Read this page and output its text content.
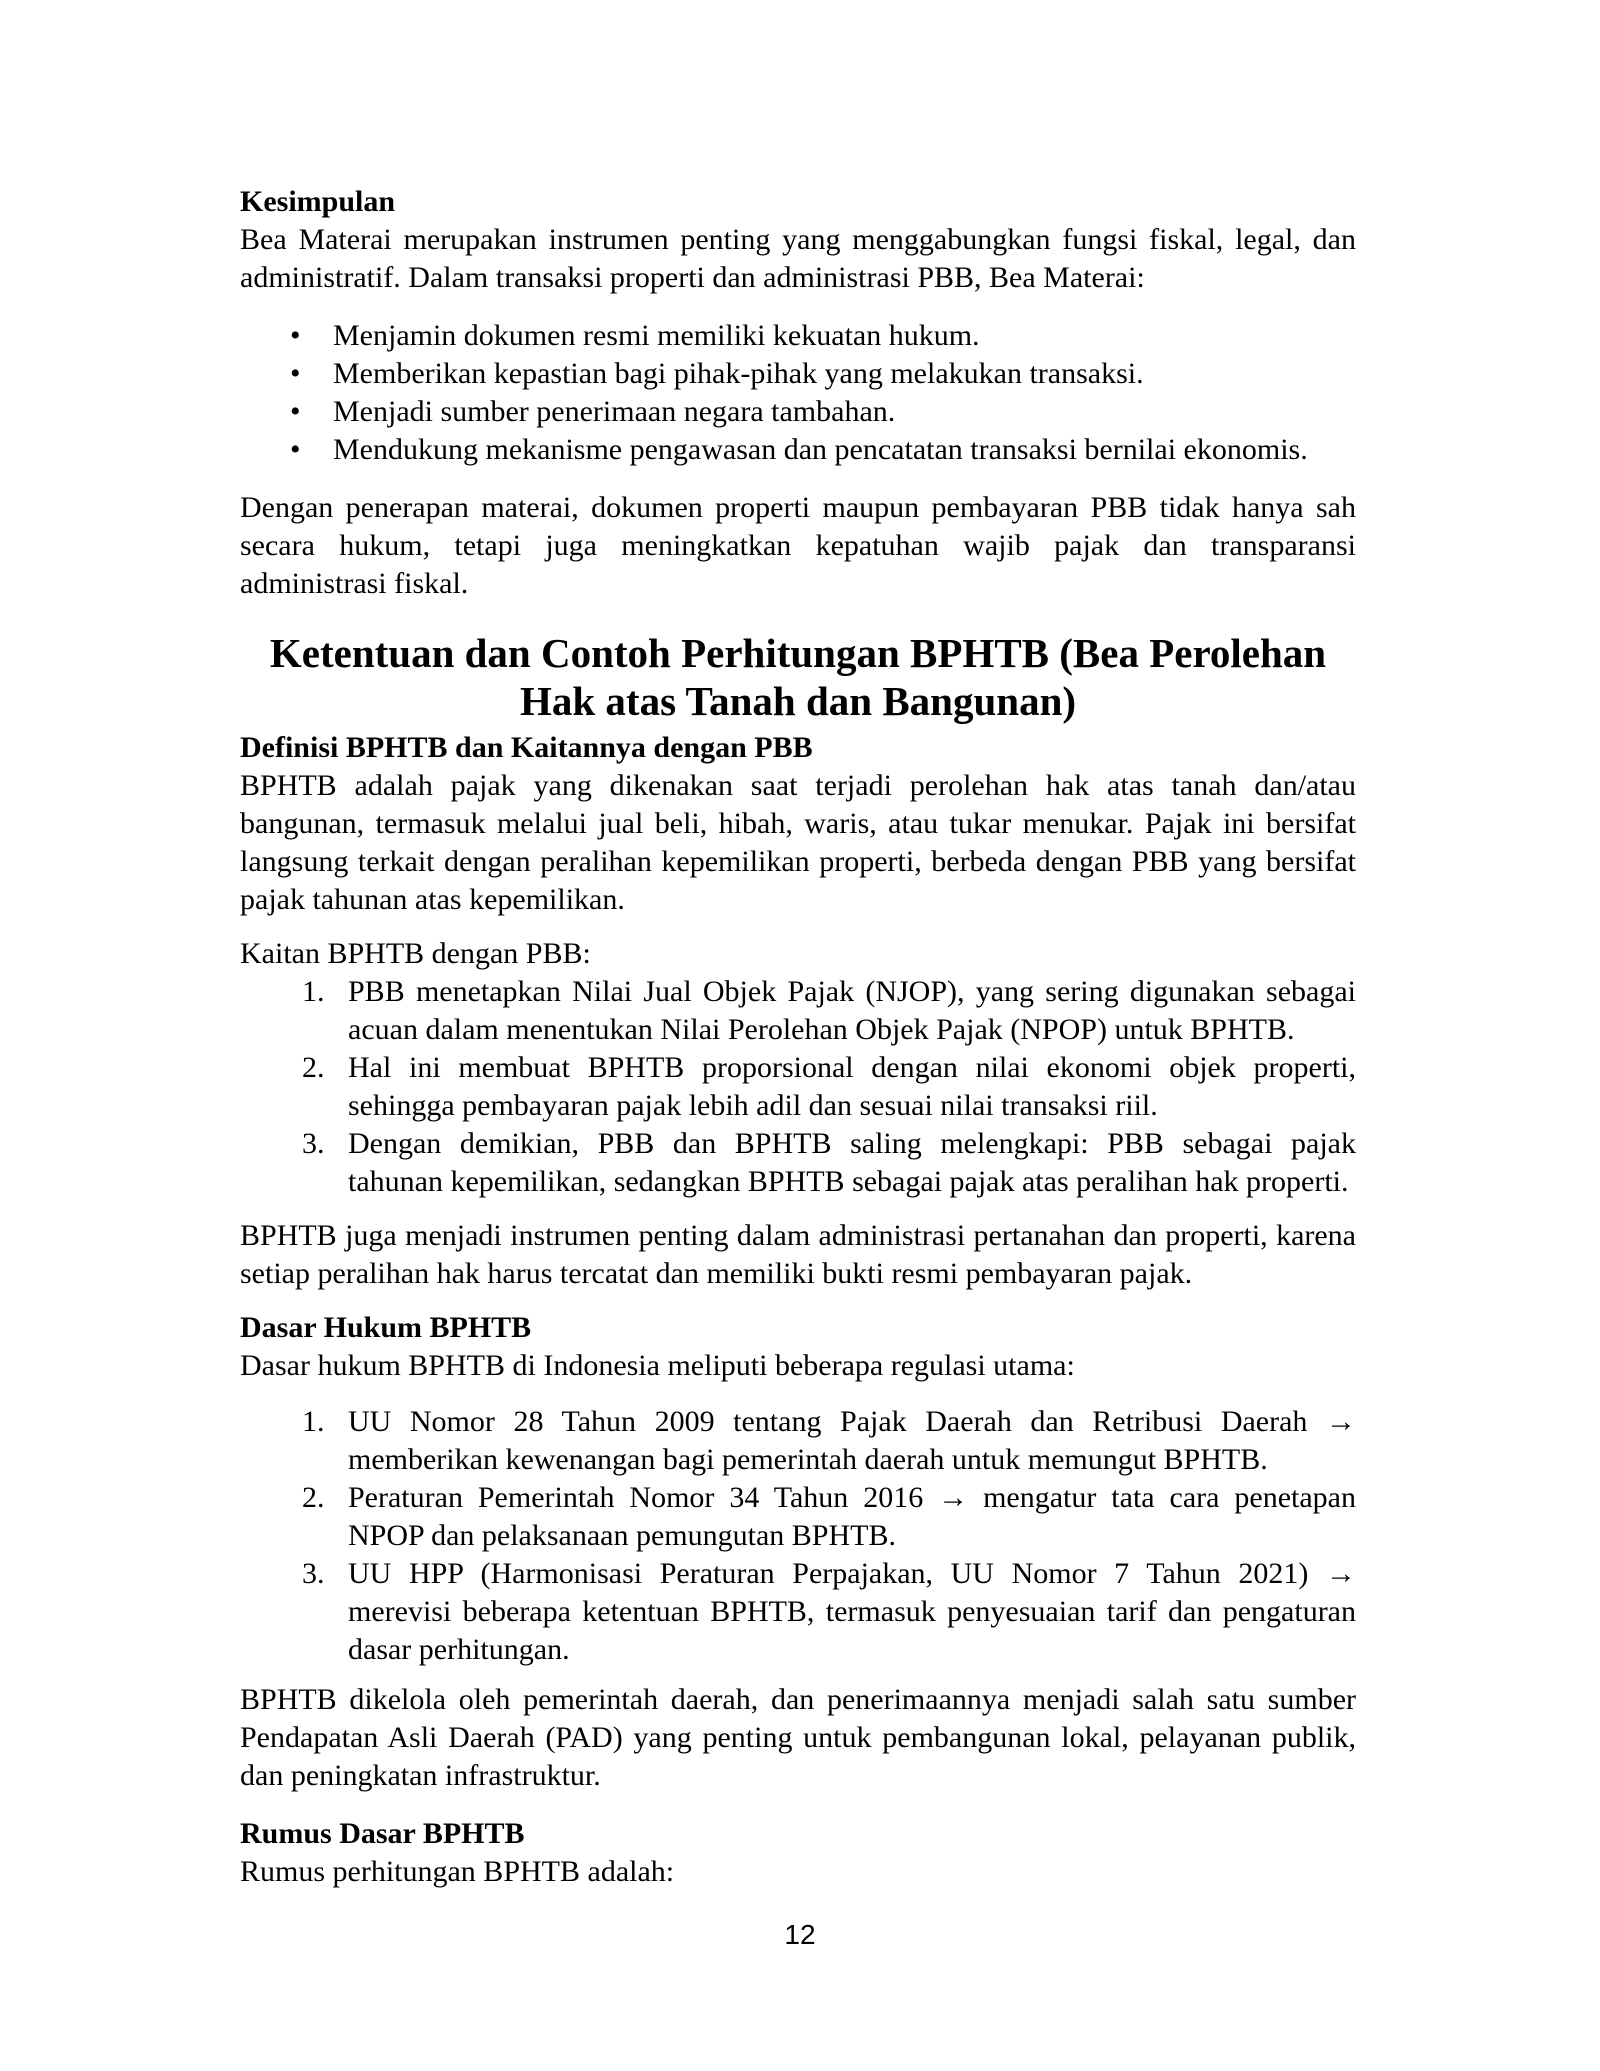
Kesimpulan

Bea Materai merupakan instrumen penting yang menggabungkan fungsi fiskal, legal, dan administratif. Dalam transaksi properti dan administrasi PBB, Bea Materai:

•	Menjamin dokumen resmi memiliki kekuatan hukum.
•	Memberikan kepastian bagi pihak-pihak yang melakukan transaksi.
•	Menjadi sumber penerimaan negara tambahan.
•	Mendukung mekanisme pengawasan dan pencatatan transaksi bernilai ekonomis.

Dengan penerapan materai, dokumen properti maupun pembayaran PBB tidak hanya sah secara hukum, tetapi juga meningkatkan kepatuhan wajib pajak dan transparansi administrasi fiskal.

Ketentuan dan Contoh Perhitungan BPHTB (Bea Perolehan Hak atas Tanah dan Bangunan)
Definisi BPHTB dan Kaitannya dengan PBB

BPHTB adalah pajak yang dikenakan saat terjadi perolehan hak atas tanah dan/atau bangunan, termasuk melalui jual beli, hibah, waris, atau tukar menukar. Pajak ini bersifat langsung terkait dengan peralihan kepemilikan properti, berbeda dengan PBB yang bersifat pajak tahunan atas kepemilikan.

Kaitan BPHTB dengan PBB:

1. PBB menetapkan Nilai Jual Objek Pajak (NJOP), yang sering digunakan sebagai acuan dalam menentukan Nilai Perolehan Objek Pajak (NPOP) untuk BPHTB.
2. Hal ini membuat BPHTB proporsional dengan nilai ekonomi objek properti, sehingga pembayaran pajak lebih adil dan sesuai nilai transaksi riil.
3. Dengan demikian, PBB dan BPHTB saling melengkapi: PBB sebagai pajak tahunan kepemilikan, sedangkan BPHTB sebagai pajak atas peralihan hak properti.

BPHTB juga menjadi instrumen penting dalam administrasi pertanahan dan properti, karena setiap peralihan hak harus tercatat dan memiliki bukti resmi pembayaran pajak.

Dasar Hukum BPHTB

Dasar hukum BPHTB di Indonesia meliputi beberapa regulasi utama:

1. UU Nomor 28 Tahun 2009 tentang Pajak Daerah dan Retribusi Daerah → memberikan kewenangan bagi pemerintah daerah untuk memungut BPHTB.
2. Peraturan Pemerintah Nomor 34 Tahun 2016 → mengatur tata cara penetapan NPOP dan pelaksanaan pemungutan BPHTB.
3. UU HPP (Harmonisasi Peraturan Perpajakan, UU Nomor 7 Tahun 2021) → merevisi beberapa ketentuan BPHTB, termasuk penyesuaian tarif dan pengaturan dasar perhitungan.

BPHTB dikelola oleh pemerintah daerah, dan penerimaannya menjadi salah satu sumber Pendapatan Asli Daerah (PAD) yang penting untuk pembangunan lokal, pelayanan publik, dan peningkatan infrastruktur.

Rumus Dasar BPHTB

Rumus perhitungan BPHTB adalah:

12
